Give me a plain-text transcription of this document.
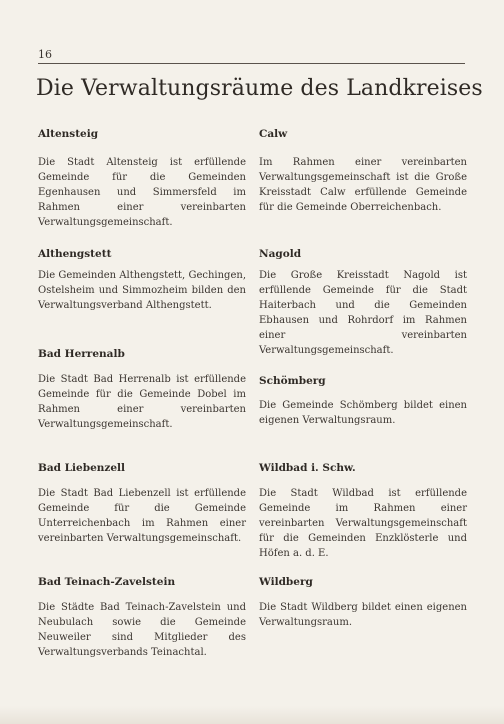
16
Die Verwaltungsräume des Landkreises
Altensteig
Die Stadt Altensteig ist erfüllende Gemeinde für die Gemeinden Egenhausen und Simmersfeld im Rahmen einer vereinbarten Verwaltungsgemeinschaft.
Althengstett
Die Gemeinden Althengstett, Gechingen, Ostelsheim und Simmozheim bilden den Verwaltungsverband Althengstett.
Bad Herrenalb
Die Stadt Bad Herrenalb ist erfüllende Gemeinde für die Gemeinde Dobel im Rahmen einer vereinbarten Verwaltungsgemeinschaft.
Bad Liebenzell
Die Stadt Bad Liebenzell ist erfüllende Gemeinde für die Gemeinde Unterreichenbach im Rahmen einer vereinbarten Verwaltungsgemeinschaft.
Bad Teinach-Zavelstein
Die Städte Bad Teinach-Zavelstein und Neubulach sowie die Gemeinde Neuweiler sind Mitglieder des Verwaltungsverbands Teinachtal.
Calw
Im Rahmen einer vereinbarten Verwaltungsgemeinschaft ist die Große Kreisstadt Calw erfüllende Gemeinde für die Gemeinde Oberreichenbach.
Nagold
Die Große Kreisstadt Nagold ist erfüllende Gemeinde für die Stadt Haiterbach und die Gemeinden Ebhausen und Rohrdorf im Rahmen einer vereinbarten Verwaltungsgemeinschaft.
Schömberg
Die Gemeinde Schömberg bildet einen eigenen Verwaltungsraum.
Wildbad i. Schw.
Die Stadt Wildbad ist erfüllende Gemeinde im Rahmen einer vereinbarten Verwaltungsgemeinschaft für die Gemeinden Enzklösterle und Höfen a. d. E.
Wildberg
Die Stadt Wildberg bildet einen eigenen Verwaltungsraum.
